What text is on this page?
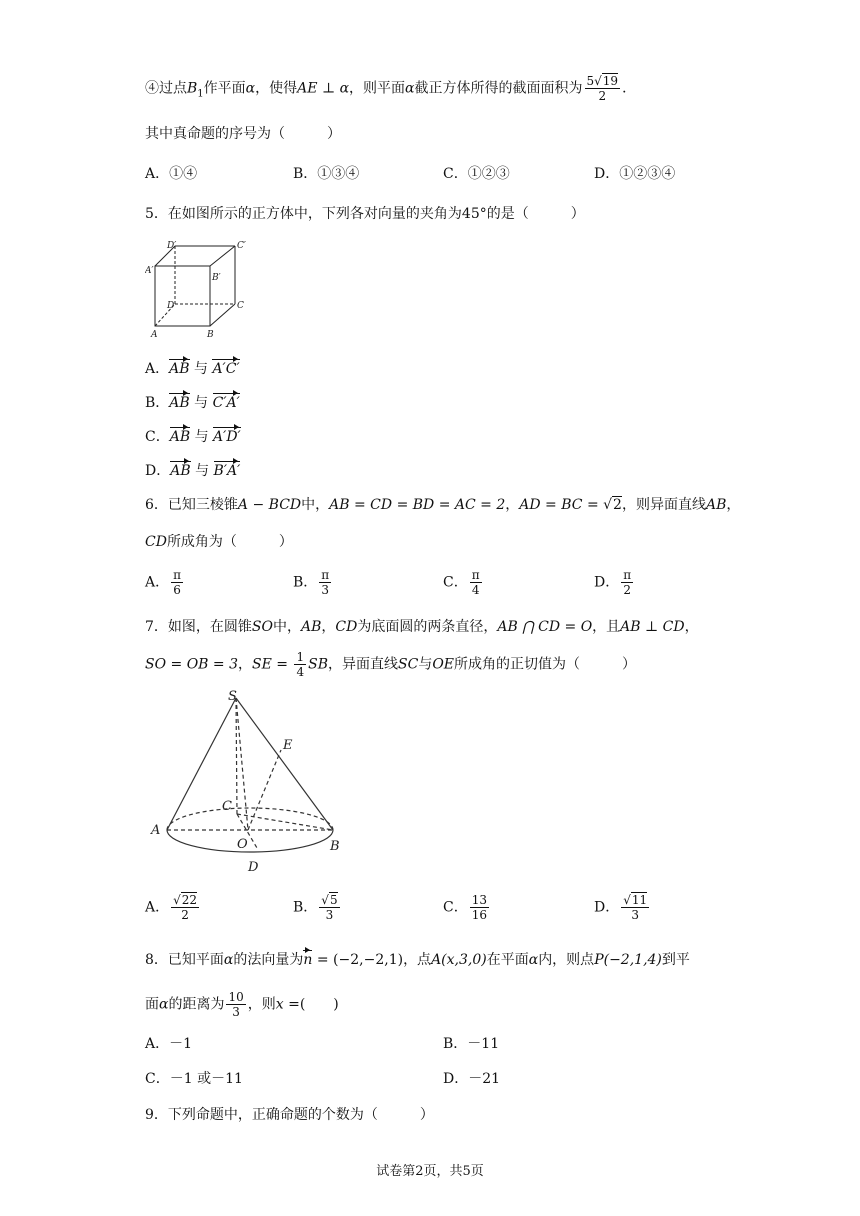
④过点$B_1$作平面α，使得AE ⊥ α，则平面α截正方体所得的截面面积为 $\frac{5√19}{2}$ ．
其中真命题的序号为（　　　）
A．①④	B．①③④	C．①②③	D．①②③④
5．在如图所示的正方体中，下列各对向量的夹角为45°的是（　　　）
D′	C′
A′
B′
D	C
A	B
A．AB 与 A′C′
B．AB 与 C′A′
C．AB 与 A′D′
D．AB 与 B′A′
6．已知三棱锥A − BCD中，AB = CD = BD = AC = 2，AD = BC = √2，则异面直线AB，
CD所成角为（　　　）
A． $\frac{\pi}{6}$	B． $\frac{\pi}{3}$	C． $\frac{\pi}{4}$	D． $\frac{\pi}{2}$
7．如图，在圆锥SO中，AB，CD为底面圆的两条直径，AB ⋂ CD = O，且AB ⊥ CD，
SO = OB = 3，SE = $\frac{1}{4}$ SB，异面直线SC与OE所成角的正切值为（　　　）
S
E
C
A
O	B
D
A． $\frac{√22}{2}$	B． $\frac{√5}{3}$	C． $\frac{13}{16}$	D． $\frac{√11}{3}$
8．已知平面α的法向量为n = (−2,−2,1)，点A(x,3,0)在平面α内，则点P(−2,1,4)到平
面α的距离为 $\frac{10}{3}$ ，则x =(　　)
A．－1	B．－11
C．－1 或－11	D．－21
9．下列命题中，正确命题的个数为（　　　）
试卷第2页，共5页
